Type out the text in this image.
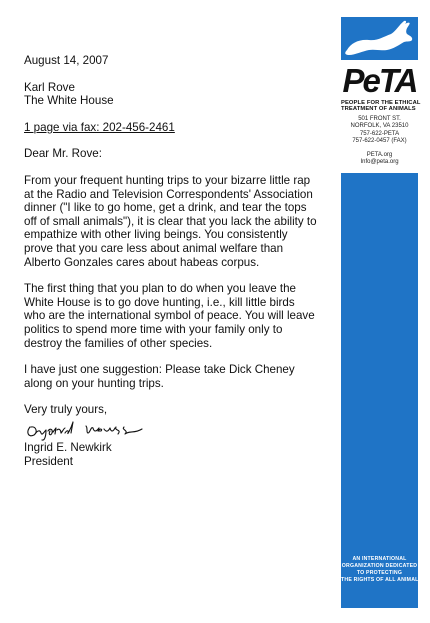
August 14, 2007

Karl Rove
The White House

1 page via fax: 202-456-2461

Dear Mr. Rove:

From your frequent hunting trips to your bizarre little rap
at the Radio and Television Correspondents' Association
dinner ("I like to go home, get a drink, and tear the tops
off of small animals"), it is clear that you lack the ability to
empathize with other living beings. You consistently
prove that you care less about animal welfare than
Alberto Gonzales cares about habeas corpus.

The first thing that you plan to do when you leave the
White House is to go dove hunting, i.e., kill little birds
who are the international symbol of peace. You will leave
politics to spend more time with your family only to
destroy the families of other species.

I have just one suggestion: Please take Dick Cheney
along on your hunting trips.

Very truly yours,

Ingrid E. Newkirk
President
PeTA
PEOPLE FOR THE ETHICAL
TREATMENT OF ANIMALS
501 FRONT ST.
NORFOLK, VA 23510
757-622-PETA
757-622-0457 (FAX)
PETA.org
Info@peta.org
AN INTERNATIONAL
ORGANIZATION DEDICATED
TO PROTECTING
THE RIGHTS OF ALL ANIMALS
